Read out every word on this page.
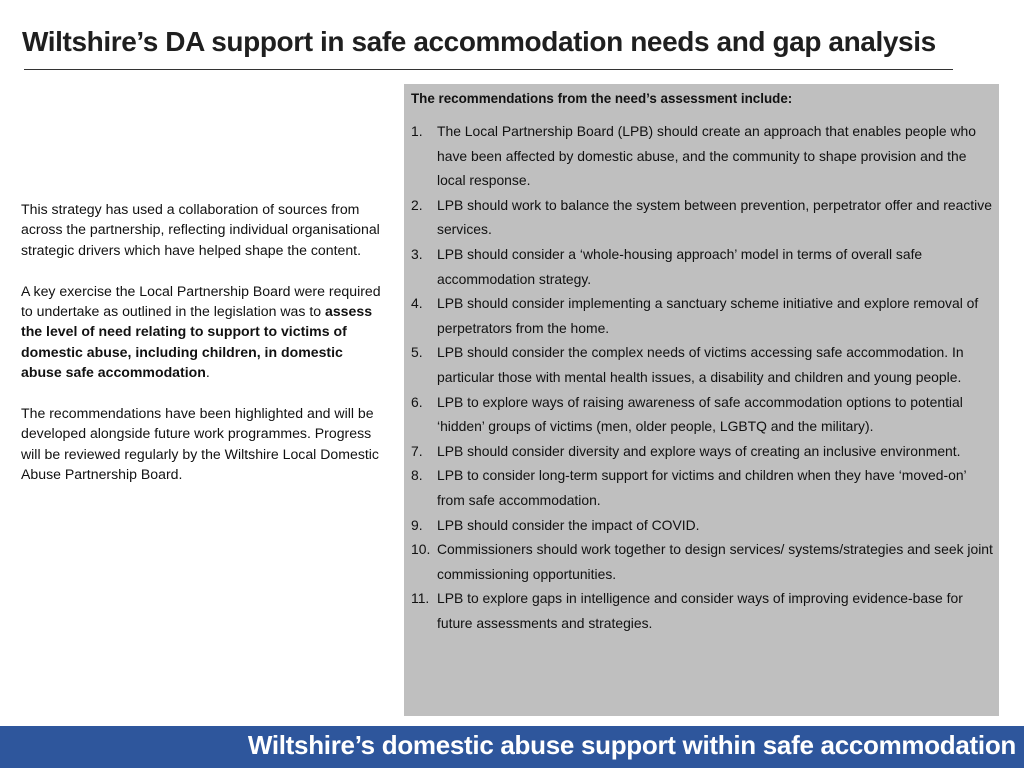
Wiltshire’s DA support in safe accommodation needs and gap analysis

This strategy has used a collaboration of sources from across the partnership, reflecting individual organisational strategic drivers which have helped shape the content.

A key exercise the Local Partnership Board were required to undertake as outlined in the legislation was to assess the level of need relating to support to victims of domestic abuse, including children, in domestic abuse safe accommodation.

The recommendations have been highlighted and will be developed alongside future work programmes. Progress will be reviewed regularly by the Wiltshire Local Domestic Abuse Partnership Board.

The recommendations from the need’s assessment include:
1.	The Local Partnership Board (LPB) should create an approach that enables people who have been affected by domestic abuse, and the community to shape provision and the local response.
2.	LPB should work to balance the system between prevention, perpetrator offer and reactive services.
3.	LPB should consider a ‘whole-housing approach’ model in terms of overall safe accommodation strategy.
4.	LPB should consider implementing a sanctuary scheme initiative and explore removal of perpetrators from the home.
5.	LPB should consider the complex needs of victims accessing safe accommodation. In particular those with mental health issues, a disability and children and young people.
6.	LPB to explore ways of raising awareness of safe accommodation options to potential ‘hidden’ groups of victims (men, older people, LGBTQ and the military).
7.	LPB should consider diversity and explore ways of creating an inclusive environment.
8.	LPB to consider long-term support for victims and children when they have ‘moved-on’ from safe accommodation.
9.	LPB should consider the impact of COVID.
10. Commissioners should work together to design services/ systems/strategies and seek joint commissioning opportunities.
11. LPB to explore gaps in intelligence and consider ways of improving evidence-base for future assessments and strategies.
Wiltshire’s domestic abuse support within safe accommodation
